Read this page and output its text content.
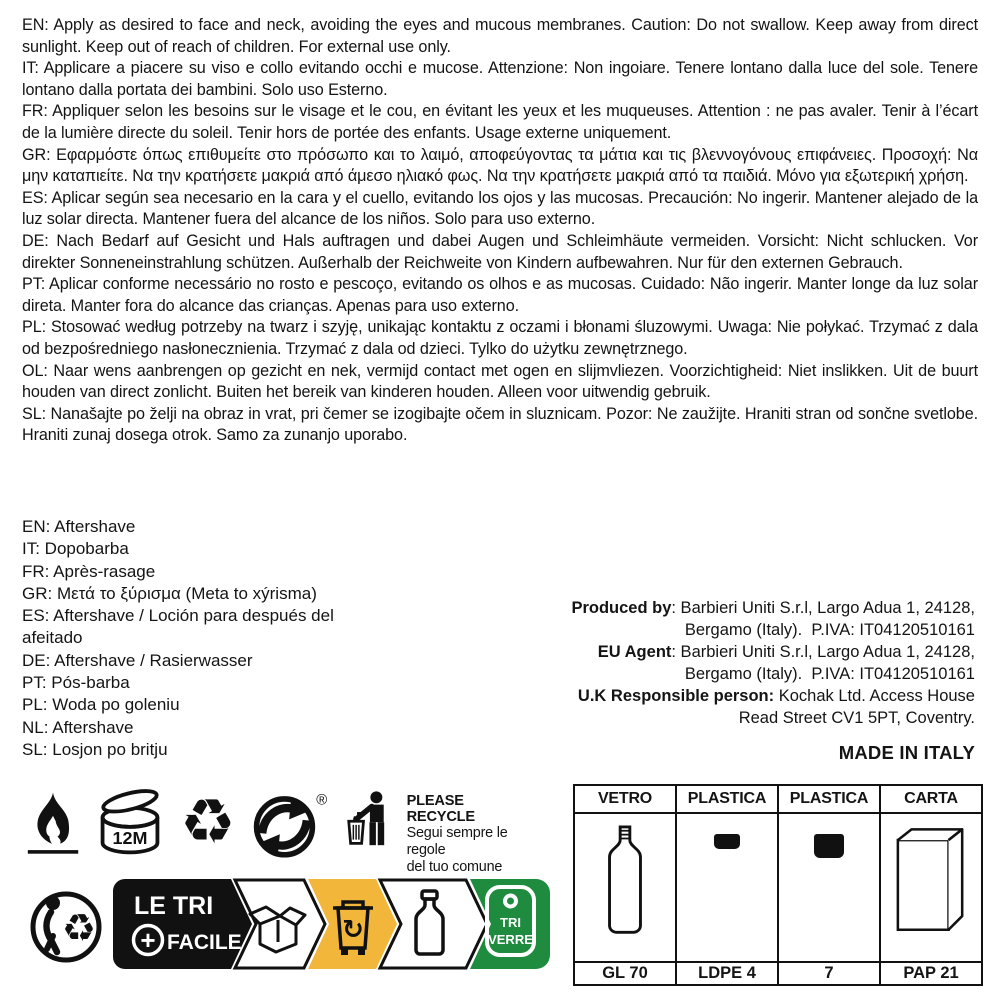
EN: Apply as desired to face and neck, avoiding the eyes and mucous membranes. Caution: Do not swallow. Keep away from direct sunlight. Keep out of reach of children. For external use only.

IT: Applicare a piacere su viso e collo evitando occhi e mucose. Attenzione: Non ingoiare. Tenere lontano dalla luce del sole. Tenere lontano dalla portata dei bambini. Solo uso Esterno.

FR: Appliquer selon les besoins sur le visage et le cou, en évitant les yeux et les muqueuses. Attention : ne pas avaler. Tenir à l’écart de la lumière directe du soleil. Tenir hors de portée des enfants. Usage externe uniquement.

GR: Εφαρμόστε όπως επιθυμείτε στο πρόσωπο και το λαιμό, αποφεύγοντας τα μάτια και τις βλεννογόνους επιφάνειες. Προσοχή: Να μην καταπιείτε. Να την κρατήσετε μακριά από άμεσο ηλιακό φως. Να την κρατήσετε μακριά από τα παιδιά. Μόνο για εξωτερική χρήση.

ES: Aplicar según sea necesario en la cara y el cuello, evitando los ojos y las mucosas. Precaución: No ingerir. Mantener alejado de la luz solar directa. Mantener fuera del alcance de los niños. Solo para uso externo.

DE: Nach Bedarf auf Gesicht und Hals auftragen und dabei Augen und Schleimhäute vermeiden. Vorsicht: Nicht schlucken. Vor direkter Sonneneinstrahlung schützen. Außerhalb der Reichweite von Kindern aufbewahren. Nur für den externen Gebrauch.

PT: Aplicar conforme necessário no rosto e pescoço, evitando os olhos e as mucosas. Cuidado: Não ingerir. Manter longe da luz solar direta. Manter fora do alcance das crianças. Apenas para uso externo.

PL: Stosować według potrzeby na twarz i szyję, unikając kontaktu z oczami i błonami śluzowymi. Uwaga: Nie połykać. Trzymać z dala od bezpośredniego nasłonecznienia. Trzymać z dala od dzieci. Tylko do użytku zewnętrznego.

OL: Naar wens aanbrengen op gezicht en nek, vermijd contact met ogen en slijmvliezen. Voorzichtigheid: Niet inslikken. Uit de buurt houden van direct zonlicht. Buiten het bereik van kinderen houden. Alleen voor uitwendig gebruik.

SL: Nanašajte po želji na obraz in vrat, pri čemer se izogibajte očem in sluznicam. Pozor: Ne zaužijte. Hraniti stran od sončne svetlobe. Hraniti zunaj dosega otrok. Samo za zunanjo uporabo.

EN: Aftershave
IT: Dopobarba
FR: Après-rasage
GR: Μετά το ξύρισμα (Meta to xýrisma)
ES: Aftershave / Loción para después del afeitado
DE: Aftershave / Rasierwasser
PT: Pós-barba
PL: Woda po goleniu
NL: Aftershave
SL: Losjon po britju
Produced by: Barbieri Uniti S.r.l, Largo Adua 1, 24128,
Bergamo (Italy).  P.IVA: IT04120510161
EU Agent: Barbieri Uniti S.r.l, Largo Adua 1, 24128,
Bergamo (Italy).  P.IVA: IT04120510161
U.K Responsible person: Kochak Ltd. Access House
Read Street CV1 5PT, Coventry.
MADE IN ITALY
12M ♻	®	PLEASE RECYCLE
Segui sempre le regole
del tuo comune
♻ LE TRI
+ FACILE	↻	TRI
VERRE
VETRO	PLASTICA	PLASTICA	CARTA

GL 70	LDPE 4	7	PAP 21
